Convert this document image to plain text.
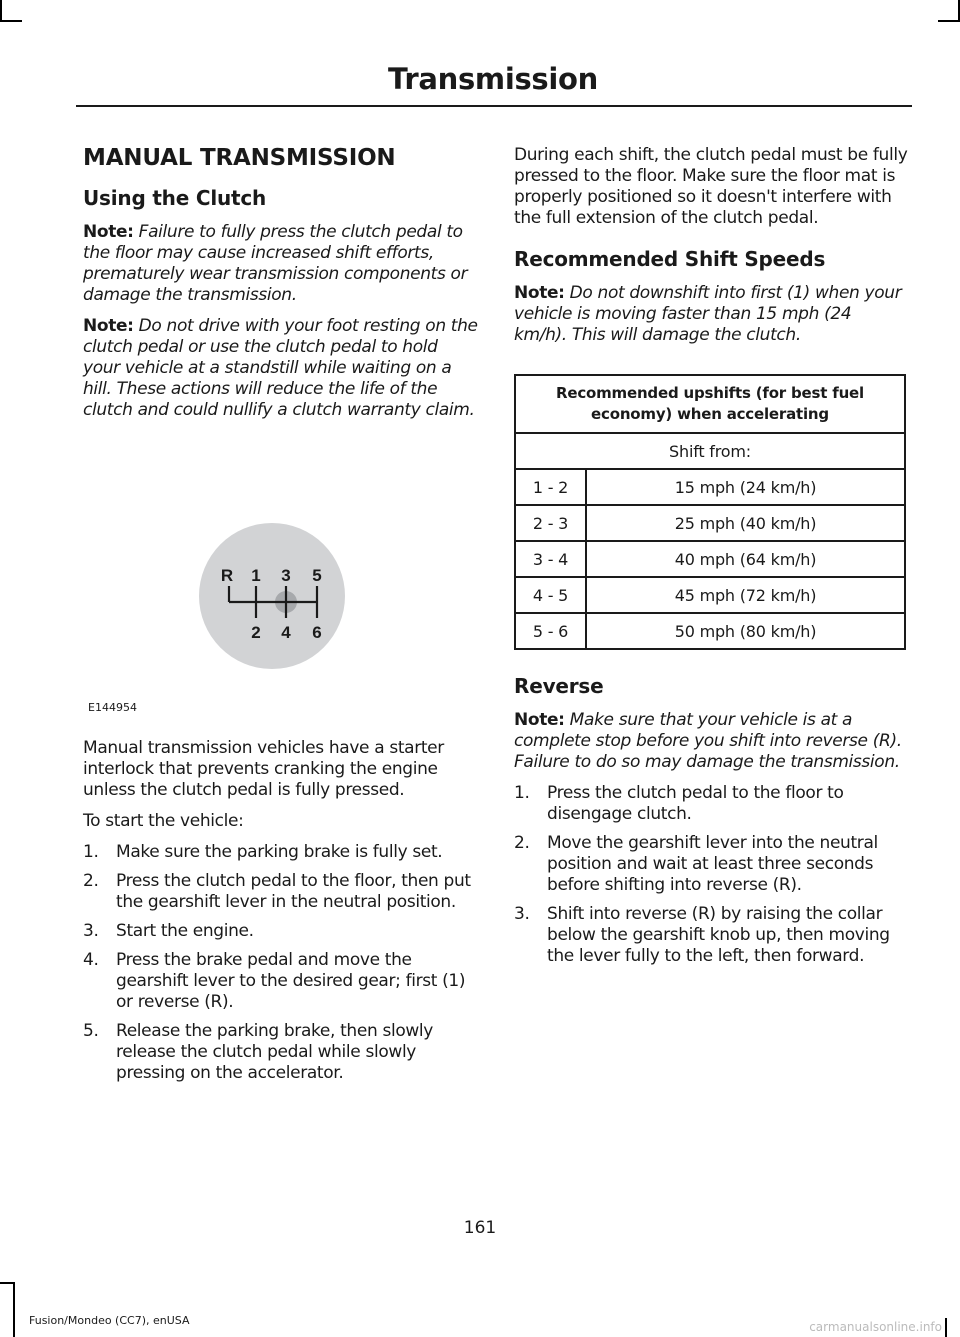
Transmission
MANUAL TRANSMISSION
Using the Clutch

Note: Failure to fully press the clutch pedal to the floor may cause increased shift efforts, prematurely wear transmission components or damage the transmission.

Note: Do not drive with your foot resting on the clutch pedal or use the clutch pedal to hold your vehicle at a standstill while waiting on a hill. These actions will reduce the life of the clutch and could nullify a clutch warranty claim.

R 1 3 5
2 4 6
E144954

Manual transmission vehicles have a starter interlock that prevents cranking the engine unless the clutch pedal is fully pressed.

To start the vehicle:

1. Make sure the parking brake is fully set.
2. Press the clutch pedal to the floor, then put the gearshift lever in the neutral position.
3. Start the engine.
4. Press the brake pedal and move the gearshift lever to the desired gear; first (1) or reverse (R).
5. Release the parking brake, then slowly release the clutch pedal while slowly pressing on the accelerator.

During each shift, the clutch pedal must be fully pressed to the floor. Make sure the floor mat is properly positioned so it doesn't interfere with the full extension of the clutch pedal.

Recommended Shift Speeds

Note: Do not downshift into first (1) when your vehicle is moving faster than 15 mph (24 km/h). This will damage the clutch.

Recommended upshifts (for best fuel economy) when accelerating	
Shift from:	
1 - 2	15 mph (24 km/h)
2 - 3	25 mph (40 km/h)
3 - 4	40 mph (64 km/h)
4 - 5	45 mph (72 km/h)
5 - 6	50 mph (80 km/h)
Reverse

Note: Make sure that your vehicle is at a complete stop before you shift into reverse (R). Failure to do so may damage the transmission.

1. Press the clutch pedal to the floor to disengage clutch.
2. Move the gearshift lever into the neutral position and wait at least three seconds before shifting into reverse (R).
3. Shift into reverse (R) by raising the collar below the gearshift knob up, then moving the lever fully to the left, then forward.
161
Fusion/Mondeo (CC7), enUSA	carmanualsonline.info
